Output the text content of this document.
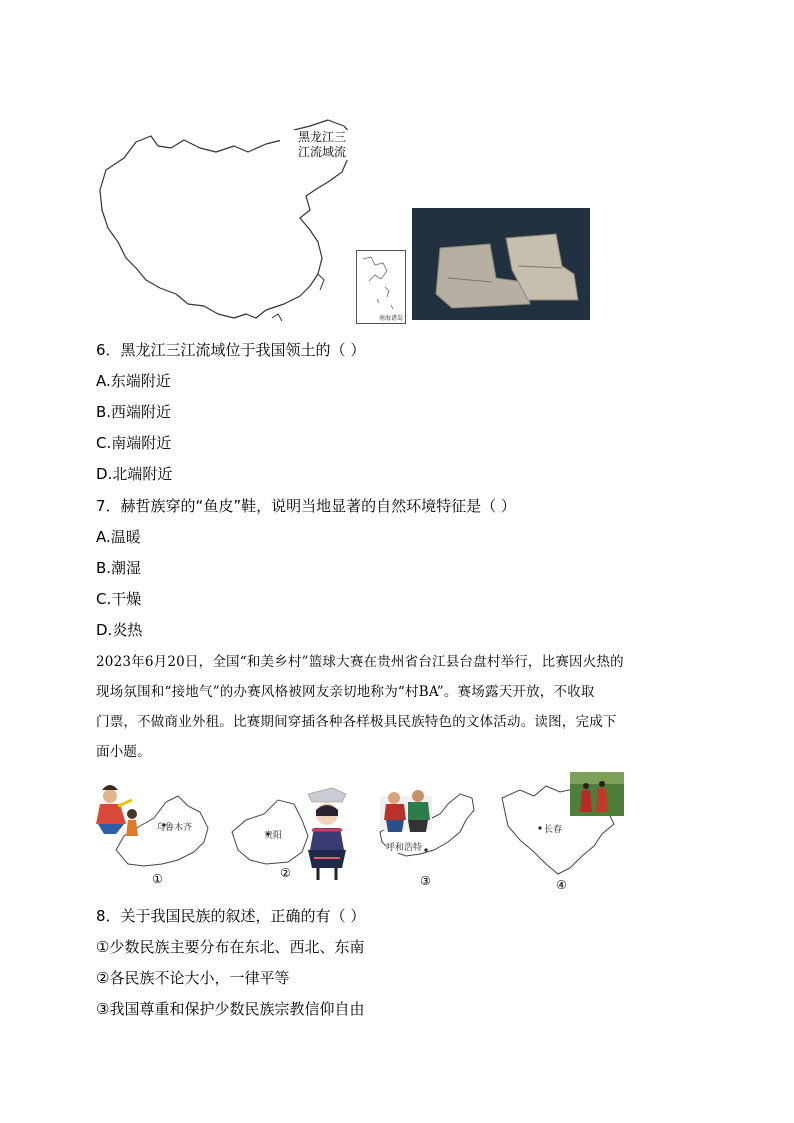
黑龙江三
江流域流
南海诸岛
6．黑龙江三江流域位于我国领土的（ ）
A.东端附近
B.西端附近
C.南端附近
D.北端附近
7．赫哲族穿的“鱼皮”鞋，说明当地显著的自然环境特征是（ ）
A.温暖
B.潮湿
C.干燥
D.炎热
2023年6月20日，全国“和美乡村”篮球大赛在贵州省台江县台盘村举行，比赛因火热的
现场氛围和“接地气”的办赛风格被网友亲切地称为“村BA”。赛场露天开放，不收取
门票，不做商业外租。比赛期间穿插各种各样极具民族特色的文体活动。读图，完成下
面小题。
乌鲁木齐
①
贵阳
②
呼和浩特
③
长春
④
8．关于我国民族的叙述，正确的有（ ）
①少数民族主要分布在东北、西北、东南
②各民族不论大小，一律平等
③我国尊重和保护少数民族宗教信仰自由
